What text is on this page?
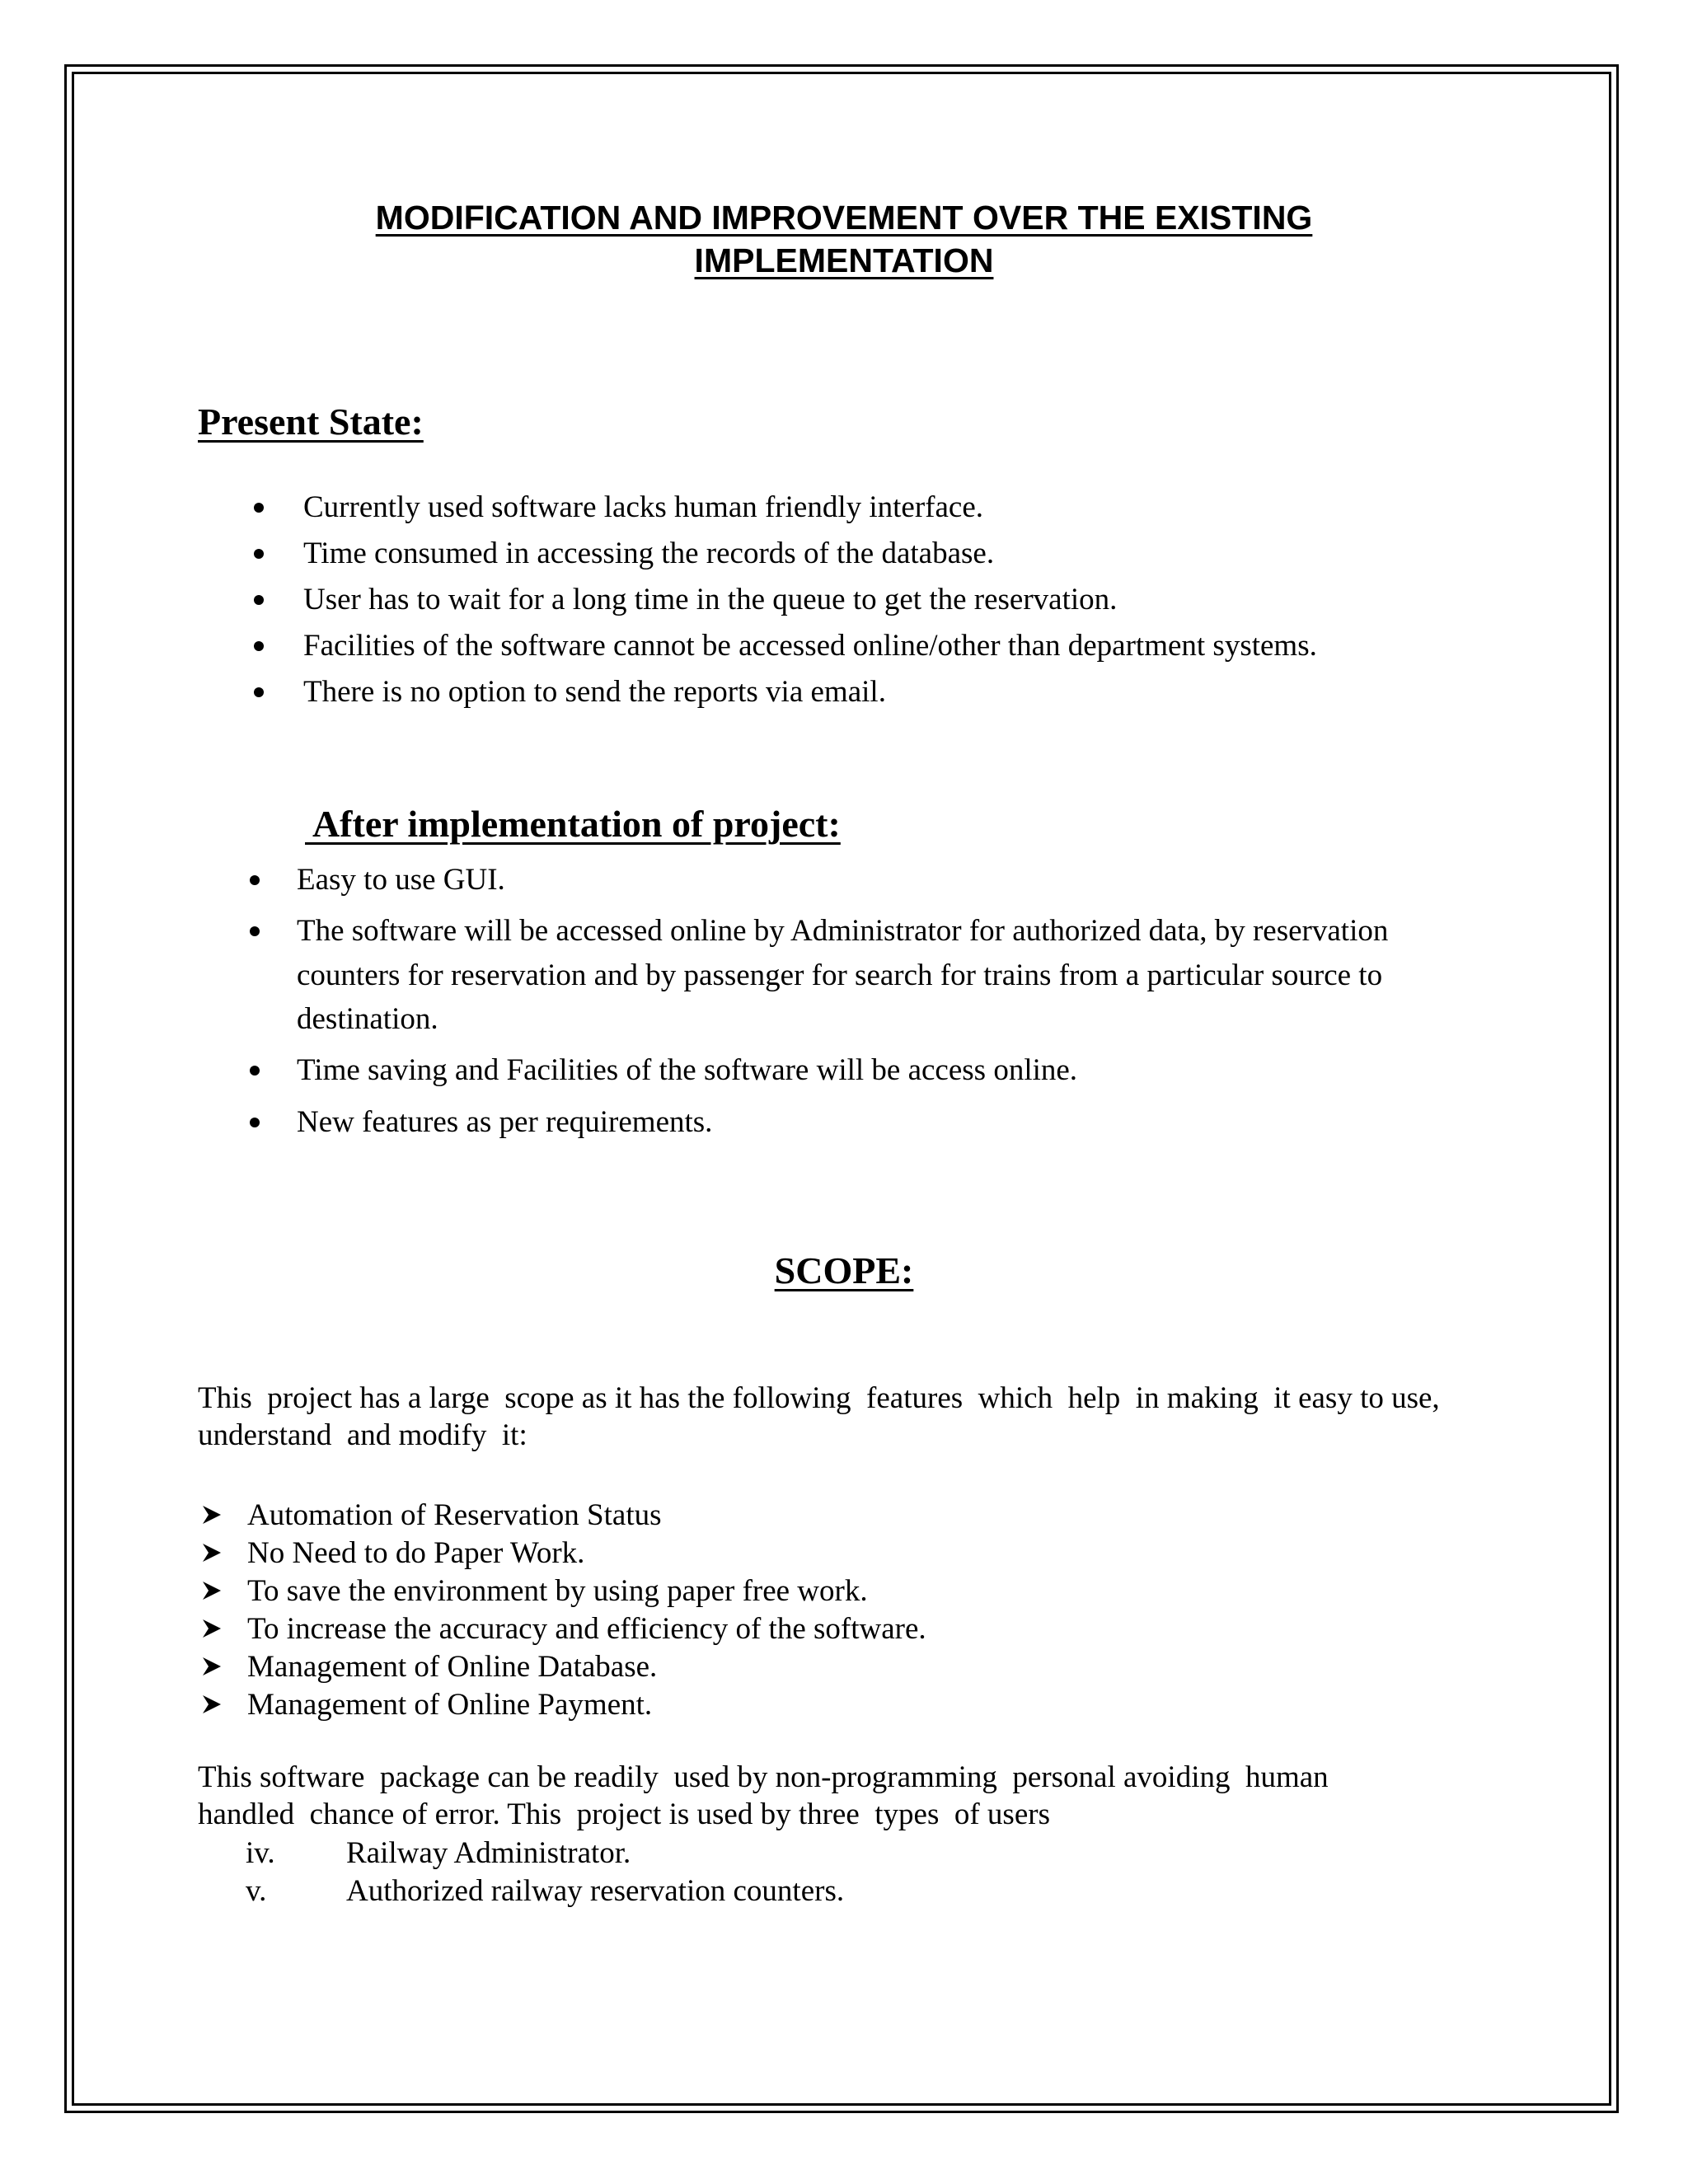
MODIFICATION AND IMPROVEMENT OVER THE EXISTING
IMPLEMENTATION
Present State:
Currently used software lacks human friendly interface.
Time consumed in accessing the records of the database.
User has to wait for a long time in the queue to get the reservation.
Facilities of the software cannot be accessed online/other than department systems.
There is no option to send the reports via email.
After implementation of project:
Easy to use GUI.
The software will be accessed online by Administrator for authorized data, by reservation
counters for reservation and by passenger for search for trains from a particular source to
destination.
Time saving and Facilities of the software will be access online.
New features as per requirements.
SCOPE:

This  project has a large  scope as it has the following  features  which  help  in making  it easy to use,
understand  and modify  it:

Automation of Reservation Status
No Need to do Paper Work.
To save the environment by using paper free work.
To increase the accuracy and efficiency of the software.
Management of Online Database.
Management of Online Payment.

This software  package can be readily  used by non-programming  personal avoiding  human
handled  chance of error. This  project is used by three  types  of users

iv. Railway Administrator.
v.	Authorized railway reservation counters.
